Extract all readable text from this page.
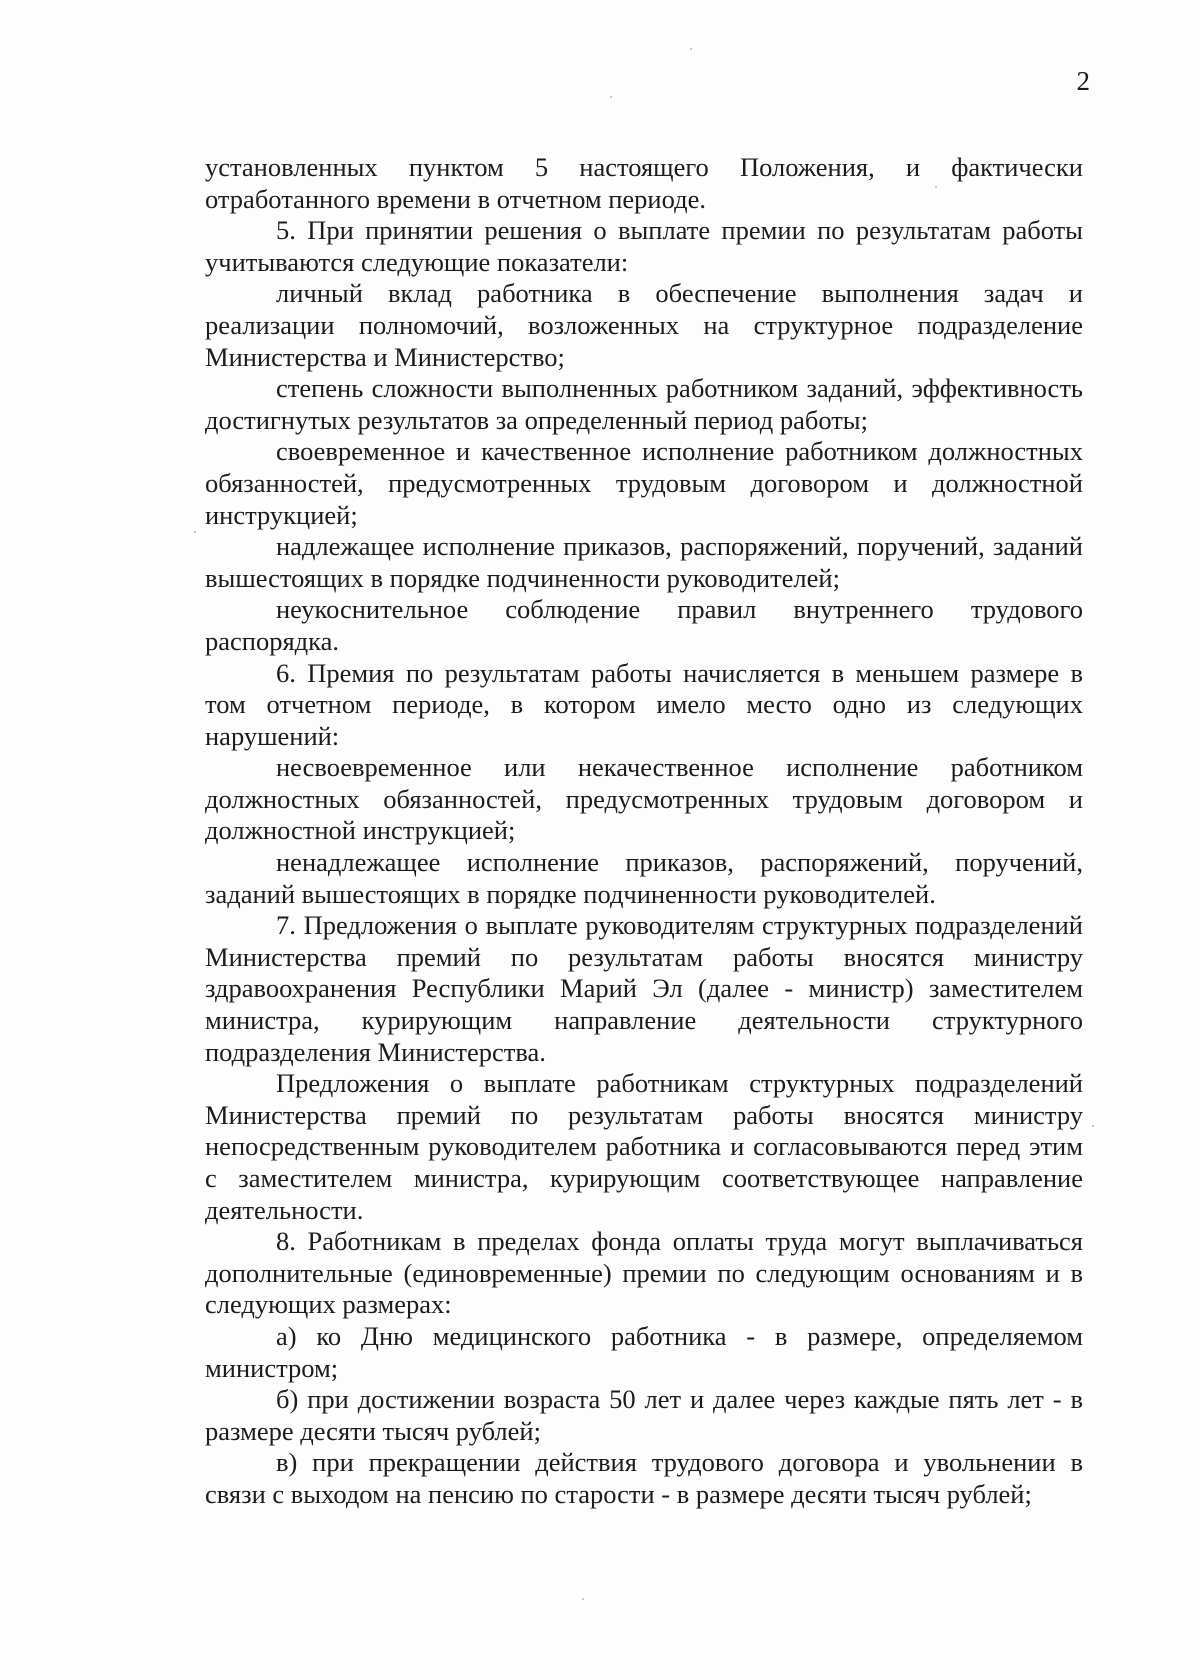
2

установленных пунктом 5 настоящего Положения, и фактически отработанного времени в отчетном периоде.

5. При принятии решения о выплате премии по результатам работы учитываются следующие показатели:

личный вклад работника в обеспечение выполнения задач и реализации полномочий, возложенных на структурное подразделение Министерства и Министерство;

степень сложности выполненных работником заданий, эффективность достигнутых результатов за определенный период работы;

своевременное и качественное исполнение работником должностных обязанностей, предусмотренных трудовым договором и должностной инструкцией;

надлежащее исполнение приказов, распоряжений, поручений, заданий вышестоящих в порядке подчиненности руководителей;

неукоснительное соблюдение правил внутреннего трудового распорядка.

6. Премия по результатам работы начисляется в меньшем размере в том отчетном периоде, в котором имело место одно из следующих нарушений:

несвоевременное или некачественное исполнение работником должностных обязанностей, предусмотренных трудовым договором и должностной инструкцией;

ненадлежащее исполнение приказов, распоряжений, поручений, заданий вышестоящих в порядке подчиненности руководителей.

7. Предложения о выплате руководителям структурных подразделений Министерства премий по результатам работы вносятся министру здравоохранения Республики Марий Эл (далее - министр) заместителем министра, курирующим направление деятельности структурного подразделения Министерства.

Предложения о выплате работникам структурных подразделений Министерства премий по результатам работы вносятся министру непосредственным руководителем работника и согласовываются перед этим с заместителем министра, курирующим соответствующее направление деятельности.

8. Работникам в пределах фонда оплаты труда могут выплачиваться дополнительные (единовременные) премии по следующим основаниям и в следующих размерах:

а) ко Дню медицинского работника - в размере, определяемом министром;

б) при достижении возраста 50 лет и далее через каждые пять лет - в размере десяти тысяч рублей;

в) при прекращении действия трудового договора и увольнении в связи с выходом на пенсию по старости - в размере десяти тысяч рублей;
